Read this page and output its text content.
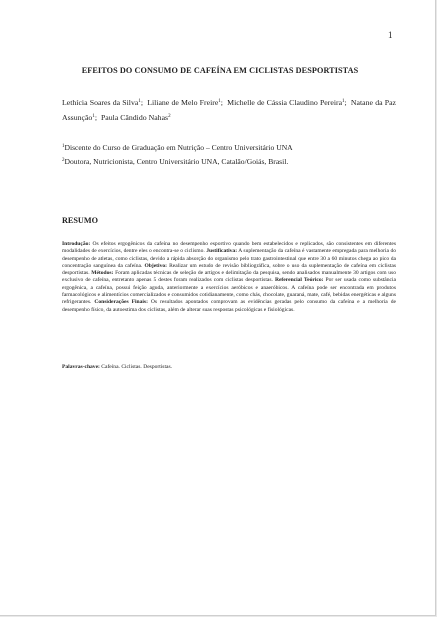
1
EFEITOS DO CONSUMO DE CAFEÍNA EM CICLISTAS DESPORTISTAS
Lethícia Soares da Silva$^1$; Liliane de Melo Freire$^1$; Michelle de Cássia Claudino Pereira$^1$; Natane da Paz Assunção$^1$; Paula Cândido Nahas$^2$
$^1$Discente do Curso de Graduação em Nutrição – Centro Universitário UNA
$^2$Doutora, Nutricionista, Centro Universitário UNA, Catalão/Goiás, Brasil.
RESUMO
Introdução: Os efeitos ergogênicos da cafeína no desempenho esportivo quando bem estabelecidos e replicados, são consistentes em diferentes modalidades de exercícios, dentre eles o encontra-se o ciclismo. Justificativa: A suplementação da cafeína é vastamente empregada para melhoria do desempenho de atletas, como ciclistas, devido a rápida absorção do organismo pelo trato gastrointestinal que entre 30 a 60 minutos chega ao pico da concentração sanguínea da cafeína. Objetivo: Realizar um estudo de revisão bibliográfica, sobre o uso da suplementação de cafeína em ciclistas desportistas. Métodos: Foram aplicadas técnicas de seleção de artigos e delimitação da pesquisa, sendo analisados manualmente 30 artigos com uso exclusivo de cafeína, entretanto apenas 5 destes foram realizados com ciclistas desportistas. Referencial Teórico: Por ser usada como substância ergogênica, a cafeína, possui feição aguda, anteriormente a exercícios aeróbicos e anaeróbicos. A cafeína pode ser encontrada em produtos farmacológicos e alimentícios comercializados e consumidos cotidianamente, como chás, chocolate, guaraná, mate, café, bebidas energéticas e alguns refrigerantes. Considerações Finais: Os resultados apontados comprovam as evidências geradas pelo consumo da cafeína e a melhoria de desempenho físico, da autoestima dos ciclistas, além de alterar suas respostas psicológicas e fisiológicas.
Palavras-chave: Cafeína. Ciclistas. Desportistas.
